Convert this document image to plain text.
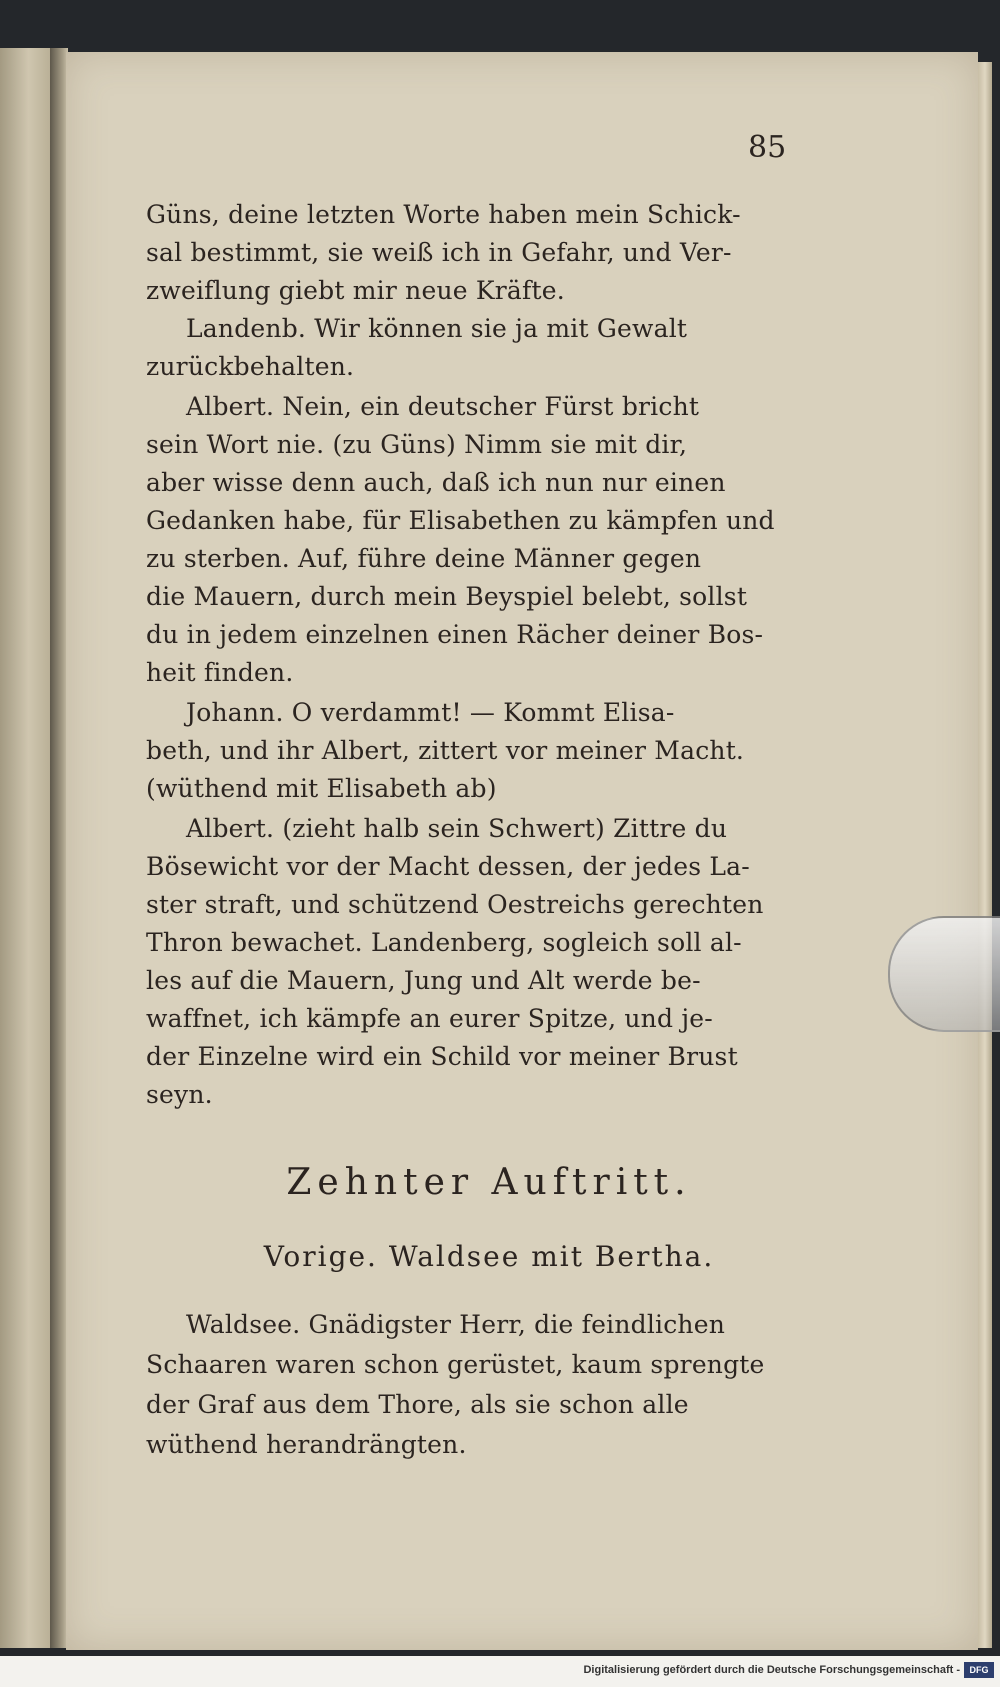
85
Güns, deine letzten Worte haben mein Schick-
sal bestimmt, sie weiß ich in Gefahr, und Ver-
zweiflung giebt mir neue Kräfte.
Landenb. Wir können sie ja mit Gewalt
zurückbehalten.
Albert. Nein, ein deutscher Fürst bricht
sein Wort nie. (zu Güns) Nimm sie mit dir,
aber wisse denn auch, daß ich nun nur einen
Gedanken habe, für Elisabethen zu kämpfen und
zu sterben. Auf, führe deine Männer gegen
die Mauern, durch mein Beyspiel belebt, sollst
du in jedem einzelnen einen Rächer deiner Bos-
heit finden.
Johann. O verdammt! — Kommt Elisa-
beth, und ihr Albert, zittert vor meiner Macht.
(wüthend mit Elisabeth ab)
Albert. (zieht halb sein Schwert) Zittre du
Bösewicht vor der Macht dessen, der jedes La-
ster straft, und schützend Oestreichs gerechten
Thron bewachet. Landenberg, sogleich soll al-
les auf die Mauern, Jung und Alt werde be-
waffnet, ich kämpfe an eurer Spitze, und je-
der Einzelne wird ein Schild vor meiner Brust
seyn.
Zehnter Auftritt.
Vorige. Waldsee mit Bertha.
Waldsee. Gnädigster Herr, die feindlichen
Schaaren waren schon gerüstet, kaum sprengte
der Graf aus dem Thore, als sie schon alle
wüthend herandrängten.
Digitalisierung gefördert durch die Deutsche Forschungsgemeinschaft -	DFG
